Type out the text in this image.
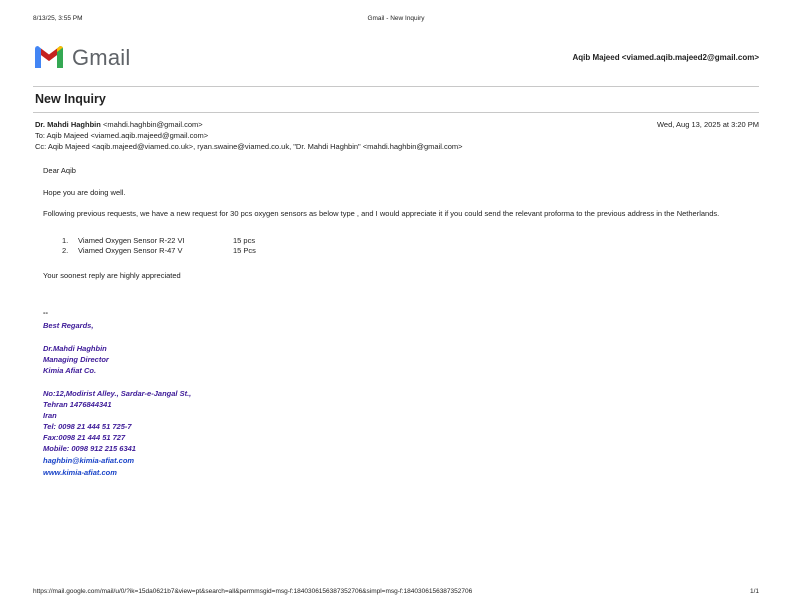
8/13/25, 3:55 PM	Gmail - New Inquiry
Gmail	Aqib Majeed <viamed.aqib.majeed2@gmail.com>
New Inquiry
Dr. Mahdi Haghbin <mahdi.haghbin@gmail.com>	Wed, Aug 13, 2025 at 3:20 PM
To: Aqib Majeed <viamed.aqib.majeed@gmail.com>
Cc: Aqib Majeed <aqib.majeed@viamed.co.uk>, ryan.swaine@viamed.co.uk, "Dr. Mahdi Haghbin" <mahdi.haghbin@gmail.com>

Dear Aqib

Hope you are doing well.

Following previous requests, we have a new request for 30 pcs oxygen sensors as below type , and I would appreciate it if you could send the relevant proforma to the previous address in the Netherlands.

1. Viamed Oxygen Sensor R-22 VI	15 pcs
2. Viamed Oxygen Sensor R-47 V	15 Pcs

Your soonest reply are highly appreciated

--
Best Regards,
Dr.Mahdi Haghbin
Managing Director
Kimia Afiat Co.
No:12,Modirist Alley., Sardar-e-Jangal St.,
Tehran 1476844341
Iran
Tel: 0098 21 444 51 725-7
Fax:0098 21 444 51 727
Mobile: 0098 912 215 6341
haghbin@kimia-afiat.com
www.kimia-afiat.com
https://mail.google.com/mail/u/0/?ik=15da0621b7&view=pt&search=all&permmsgid=msg-f:1840306156387352706&simpl=msg-f:1840306156387352706	1/1
